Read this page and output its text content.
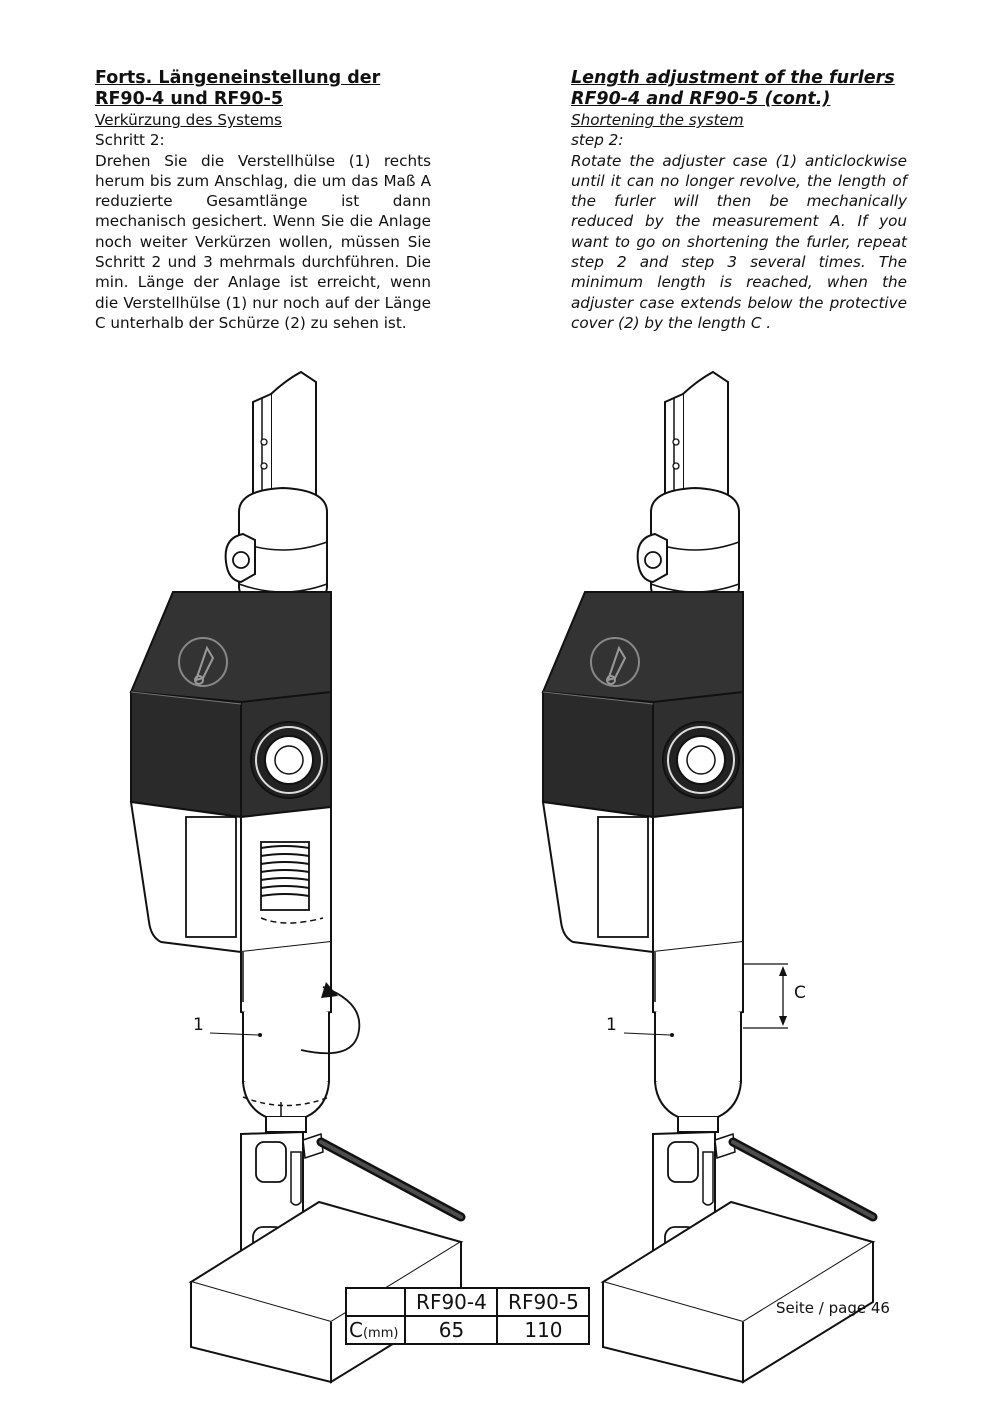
Forts. Längeneinstellung der RF90-4 und RF90-5
Verkürzung des Systems
Schritt 2:

Drehen Sie die Verstellhülse (1) rechts herum bis zum Anschlag, die um das Maß A reduzierte Gesamtlänge ist dann mechanisch gesichert. Wenn Sie die Anlage noch weiter Verkürzen wollen, müssen Sie Schritt 2 und 3 mehrmals durchführen. Die min. Länge der Anlage ist erreicht, wenn die Verstellhülse (1) nur noch auf der Länge C unterhalb der Schürze (2) zu sehen ist.

Length adjustment of the furlers RF90-4 and RF90-5 (cont.)
Shortening the system
step 2:

Rotate the adjuster case (1) anticlockwise until it can no longer revolve, the length of the furler will then be mechanically reduced by the measurement A. If you want to go on shortening the furler, repeat step 2 and step 3 several times. The minimum length is reached, when the adjuster case extends below the protective cover (2) by the length C .

1	1
C
	RF90-4	RF90-5
C(mm)	65	110
Seite / page 46
